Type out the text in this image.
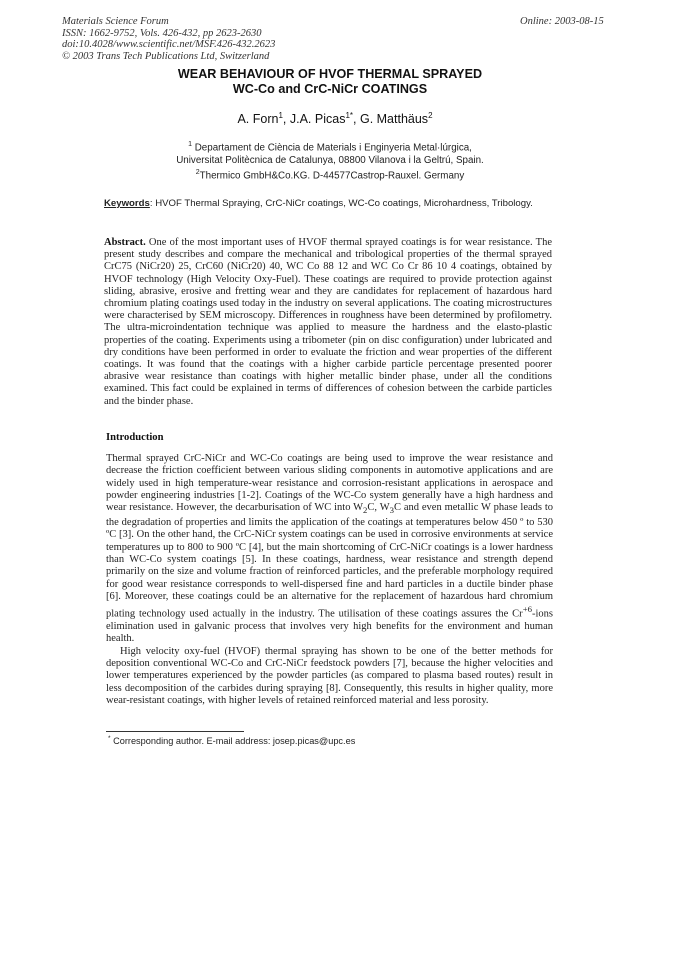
Materials Science Forum
ISSN: 1662-9752, Vols. 426-432, pp 2623-2630
doi:10.4028/www.scientific.net/MSF.426-432.2623
© 2003 Trans Tech Publications Ltd, Switzerland
Online: 2003-08-15
WEAR BEHAVIOUR OF HVOF THERMAL SPRAYED
WC-Co and CrC-NiCr COATINGS
A. Forn$^1$, J.A. Picas$^{1*}$, G. Matthäus$^2$
$^1$ Departament de Ciència de Materials i Enginyeria Metal·lúrgica,
Universitat Politècnica de Catalunya, 08800 Vilanova i la Geltrú, Spain.
$^2$Thermico GmbH&Co.KG. D-44577Castrop-Rauxel. Germany
Keywords: HVOF Thermal Spraying, CrC-NiCr coatings, WC-Co coatings, Microhardness, Tribology.
Abstract. One of the most important uses of HVOF thermal sprayed coatings is for wear resistance. The present study describes and compare the mechanical and tribological properties of the thermal sprayed CrC75 (NiCr20) 25, CrC60 (NiCr20) 40, WC Co 88 12 and WC Co Cr 86 10 4 coatings, obtained by HVOF technology (High Velocity Oxy-Fuel). These coatings are required to provide protection against sliding, abrasive, erosive and fretting wear and they are candidates for replacement of hazardous hard chromium plating coatings used today in the industry on several applications. The coating microstructures were characterised by SEM microscopy. Differences in roughness have been determined by profilometry. The ultra-microindentation technique was applied to measure the hardness and the elasto-plastic properties of the coating. Experiments using a tribometer (pin on disc configuration) under lubricated and dry conditions have been performed in order to evaluate the friction and wear properties of the different coatings. It was found that the coatings with a higher carbide particle percentage presented poorer abrasive wear resistance than coatings with higher metallic binder phase, under all the conditions examined. This fact could be explained in terms of differences of cohesion between the carbide particles and the binder phase.
Introduction

Thermal sprayed CrC-NiCr and WC-Co coatings are being used to improve the wear resistance and decrease the friction coefficient between various sliding components in automotive applications and are widely used in high temperature-wear resistance and corrosion-resistant applications in aerospace and powder engineering industries [1-2]. Coatings of the WC-Co system generally have a high hardness and wear resistance. However, the decarburisation of WC into $W_2C$, $W_3C$ and even metallic W phase leads to the degradation of properties and limits the application of the coatings at temperatures below 450 º to 530 ºC [3]. On the other hand, the CrC-NiCr system coatings can be used in corrosive environments at service temperatures up to 800 to 900 ºC [4], but the main shortcoming of CrC-NiCr coatings is a lower hardness than WC-Co system coatings [5]. In these coatings, hardness, wear resistance and strength depend primarily on the size and volume fraction of reinforced particles, and the preferable morphology required for good wear resistance corresponds to well-dispersed fine and hard particles in a ductile binder phase [6]. Moreover, these coatings could be an alternative for the replacement of hazardous hard chromium plating technology used actually in the industry. The utilisation of these coatings assures the $Cr^{+6}$-ions elimination used in galvanic process that involves very high benefits for the environment and human health.

High velocity oxy-fuel (HVOF) thermal spraying has shown to be one of the better methods for deposition conventional WC-Co and CrC-NiCr feedstock powders [7], because the higher velocities and lower temperatures experienced by the powder particles (as compared to plasma based routes) result in less decomposition of the carbides during spraying [8]. Consequently, this results in higher quality, more wear-resistant coatings, with higher levels of retained reinforced material and less porosity.

* Corresponding author. E-mail address: josep.picas@upc.es
